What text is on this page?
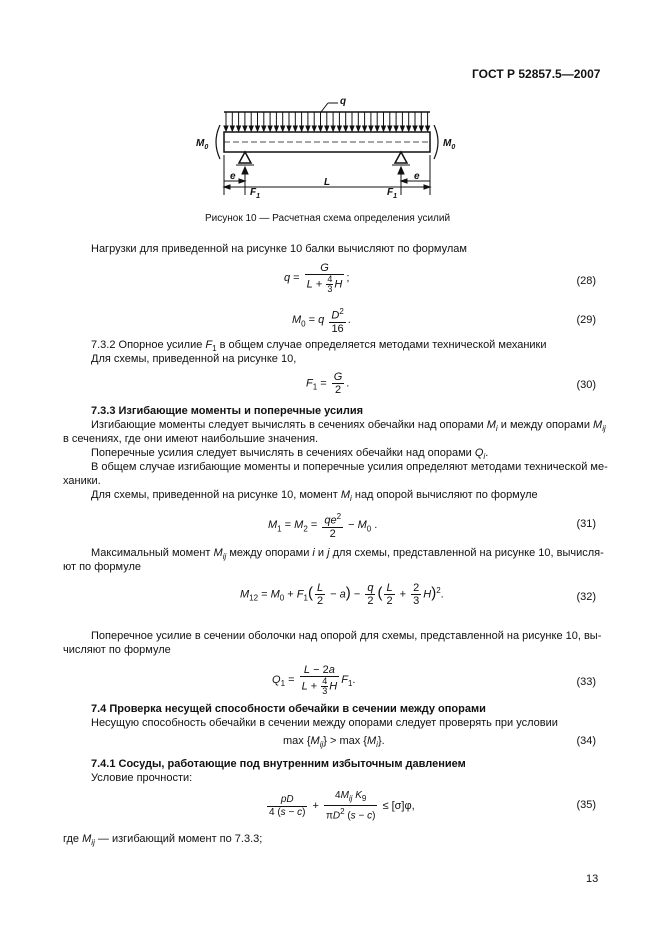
ГОСТ Р 52857.5—2007
q
$M_0$	$M_0$
e	e
$F_1$	$F_1$
L
Рисунок 10 — Расчетная схема определения усилий
Нагрузки для приведенной на рисунке 10 балки вычисляют по формулам
$q = \frac{G}{L + \frac{4}{3} H}$ ;	(28)
$M_0 = q \frac{D^2}{16}$ .	(29)
7.3.2 Опорное усилие $F_1$ в общем случае определяется методами технической механики
Для схемы, приведенной на рисунке 10,
$F_1 = \frac{G}{2}$ .	(30)
7.3.3 Изгибающие моменты и поперечные усилия
Изгибающие моменты следует вычислять в сечениях обечайки над опорами $M_i$ и между опорами $M_{ij}$
в сечениях, где они имеют наибольшие значения.
Поперечные усилия следует вычислять в сечениях обечайки над опорами $Q_i$.
В общем случае изгибающие моменты и поперечные усилия определяют методами технической ме-
ханики.
Для схемы, приведенной на рисунке 10, момент $M_i$ над опорой вычисляют по формуле
$M_1 = M_2 = \frac{qe^2}{2} - M_0$ .	(31)
Максимальный момент $M_{ij}$ между опорами i и j для схемы, представленной на рисунке 10, вычисля-
ют по формуле
$M_{12} = M_0 + F_1( \frac{L}{2} - a) - \frac{q}{2}$ ( $\frac{L}{2} + \frac{2}{3} H)^2$.	(32)
Поперечное усилие в сечении оболочки над опорой для схемы, представленной на рисунке 10, вы-
числяют по формуле
$Q_1 = \frac{L - 2a}{L + \frac{4}{3} H} F_1$.	(33)
7.4 Проверка несущей способности обечайки в сечении между опорами
Несущую способность обечайки в сечении между опорами следует проверять при условии
$\max \{M_{ij}\} > \max \{M_i\}$.	(34)
7.4.1 Сосуды, работающие под внутренним избыточным давлением
Условие прочности:
$\frac{pD}{4 (s - c)} + \frac{4M_{ij} K_9}{\pi D^2 (s - c)} \le [\sigma]\varphi$,	(35)
где $M_{ij}$ — изгибающий момент по 7.3.3;
13
